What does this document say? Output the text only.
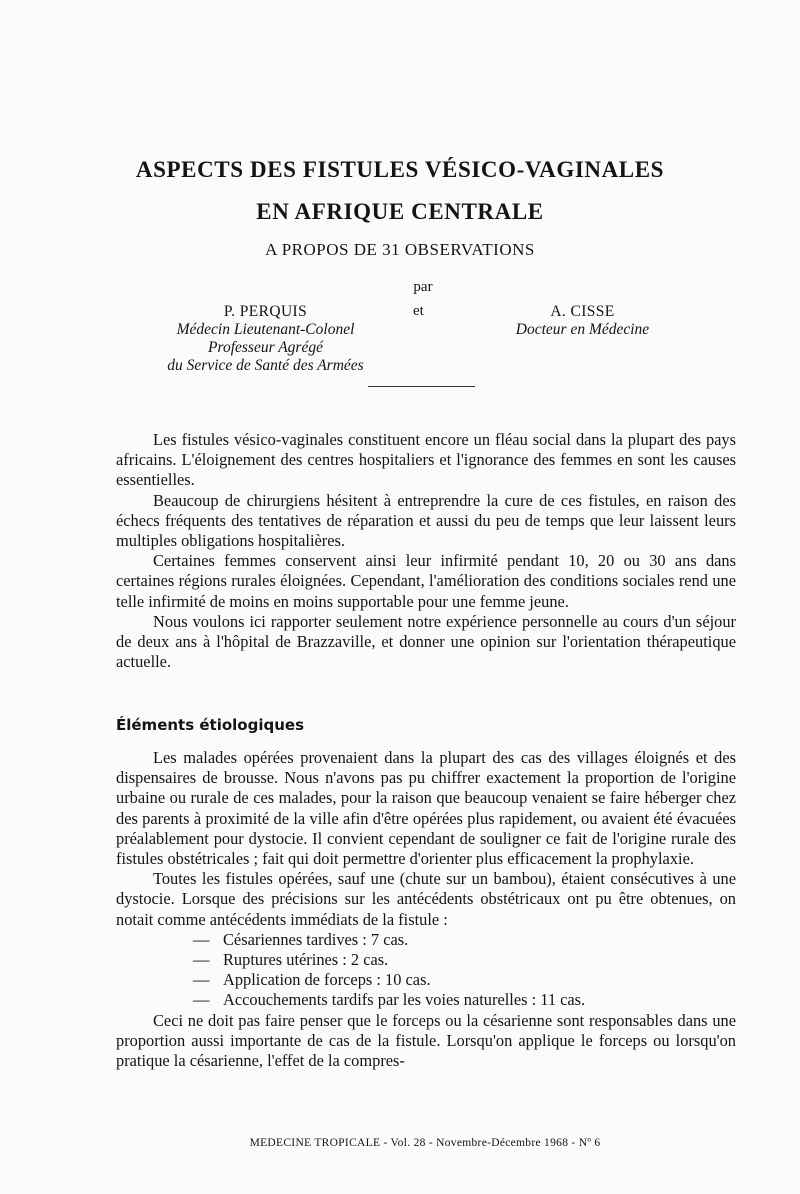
ASPECTS DES FISTULES VÉSICO-VAGINALES
EN AFRIQUE CENTRALE
A PROPOS DE 31 OBSERVATIONS
par
P. PERQUIS
Médecin Lieutenant-Colonel
Professeur Agrégé
du Service de Santé des Armées
et	A. CISSE
Docteur en Médecine

Les fistules vésico-vaginales constituent encore un fléau social dans la plupart des pays africains. L'éloignement des centres hospitaliers et l'ignorance des femmes en sont les causes essentielles.

Beaucoup de chirurgiens hésitent à entreprendre la cure de ces fistules, en raison des échecs fréquents des tentatives de réparation et aussi du peu de temps que leur laissent leurs multiples obligations hospitalières.

Certaines femmes conservent ainsi leur infirmité pendant 10, 20 ou 30 ans dans certaines régions rurales éloignées. Cependant, l'amélioration des conditions sociales rend une telle infirmité de moins en moins supportable pour une femme jeune.

Nous voulons ici rapporter seulement notre expérience personnelle au cours d'un séjour de deux ans à l'hôpital de Brazzaville, et donner une opinion sur l'orientation thérapeutique actuelle.

Éléments étiologiques

Les malades opérées provenaient dans la plupart des cas des villages éloignés et des dispensaires de brousse. Nous n'avons pas pu chiffrer exactement la proportion de l'origine urbaine ou rurale de ces malades, pour la raison que beaucoup venaient se faire héberger chez des parents à proximité de la ville afin d'être opérées plus rapidement, ou avaient été évacuées préalablement pour dystocie. Il convient cependant de souligner ce fait de l'origine rurale des fistules obstétricales ; fait qui doit permettre d'orienter plus efficacement la prophylaxie.

Toutes les fistules opérées, sauf une (chute sur un bambou), étaient consécutives à une dystocie. Lorsque des précisions sur les antécédents obstétricaux ont pu être obtenues, on notait comme antécédents immédiats de la fistule :

— Césariennes tardives : 7 cas.
— Ruptures utérines : 2 cas.
— Application de forceps : 10 cas.
— Accouchements tardifs par les voies naturelles : 11 cas.

Ceci ne doit pas faire penser que le forceps ou la césarienne sont responsables dans une proportion aussi importante de cas de la fistule. Lorsqu'on applique le forceps ou lorsqu'on pratique la césarienne, l'effet de la compres-

MEDECINE TROPICALE - Vol. 28 - Novembre-Décembre 1968 - Nº 6
